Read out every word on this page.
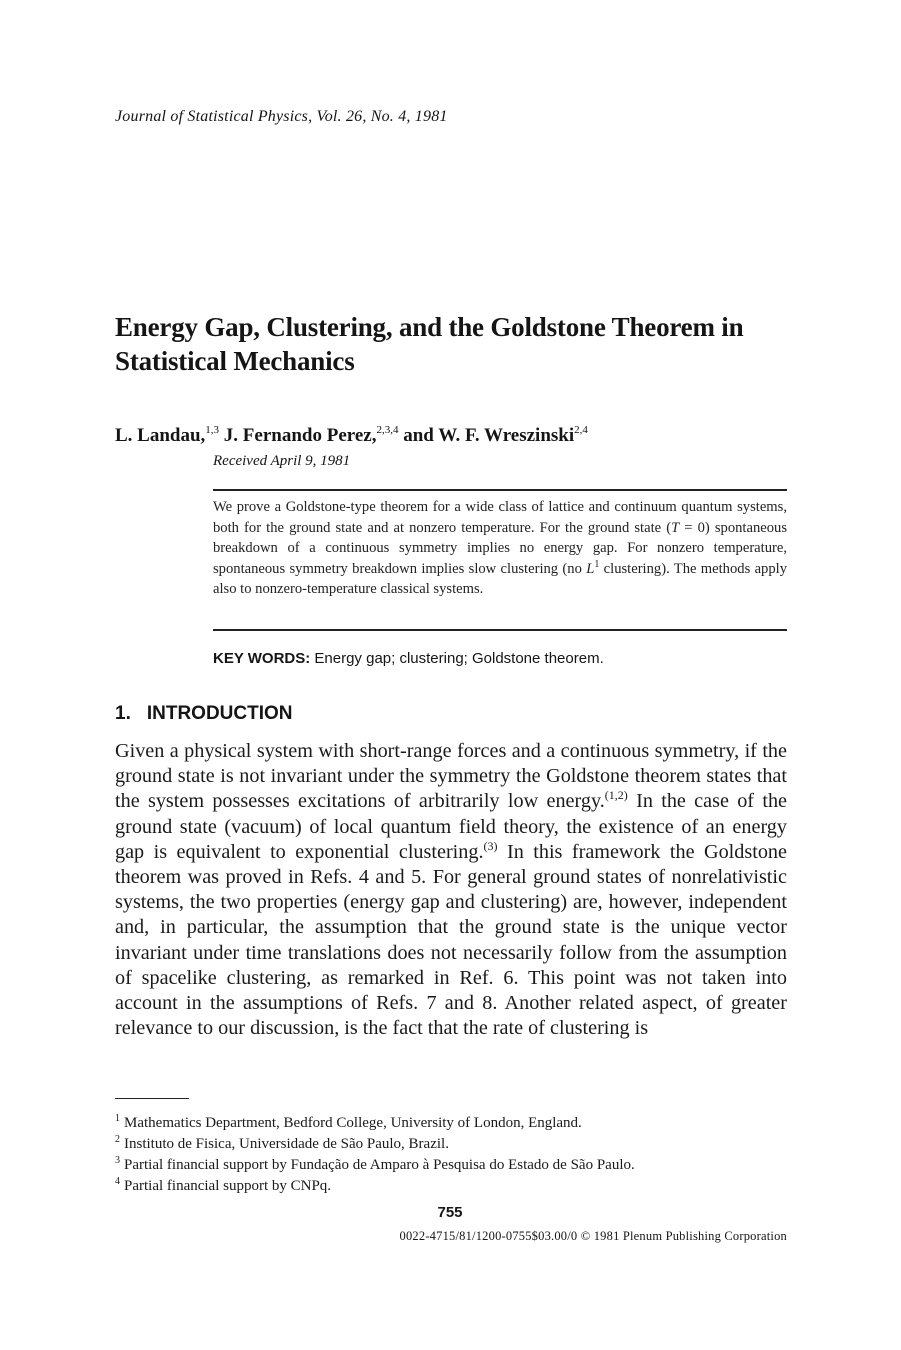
Journal of Statistical Physics, Vol. 26, No. 4, 1981
Energy Gap, Clustering, and the Goldstone Theorem in
Statistical Mechanics
L. Landau,$^{1,3}$ J. Fernando Perez,$^{2,3,4}$ and W. F. Wreszinski$^{2,4}$
Received April 9, 1981
We prove a Goldstone-type theorem for a wide class of lattice and continuum quantum systems, both for the ground state and at nonzero temperature. For the ground state (T = 0) spontaneous breakdown of a continuous symmetry implies no energy gap. For nonzero temperature, spontaneous symmetry breakdown implies slow clustering (no $L^1$ clustering). The methods apply also to nonzero-temperature classical systems.
KEY WORDS: Energy gap; clustering; Goldstone theorem.
1. INTRODUCTION

Given a physical system with short-range forces and a continuous symmetry, if the ground state is not invariant under the symmetry the Goldstone theorem states that the system possesses excitations of arbitrarily low energy.$^{(1,2)}$ In the case of the ground state (vacuum) of local quantum field theory, the existence of an energy gap is equivalent to exponential clustering.$^{(3)}$ In this framework the Goldstone theorem was proved in Refs. 4 and 5. For general ground states of nonrelativistic systems, the two properties (energy gap and clustering) are, however, independent and, in particular, the assumption that the ground state is the unique vector invariant under time translations does not necessarily follow from the assumption of spacelike clustering, as remarked in Ref. 6. This point was not taken into account in the assumptions of Refs. 7 and 8. Another related aspect, of greater relevance to our discussion, is the fact that the rate of clustering is

$^1$ Mathematics Department, Bedford College, University of London, England.
$^2$ Instituto de Fisica, Universidade de São Paulo, Brazil.
$^3$ Partial financial support by Fundação de Amparo à Pesquisa do Estado de São Paulo.
$^4$ Partial financial support by CNPq.
755
0022-4715/81/1200-0755$03.00/0 © 1981 Plenum Publishing Corporation
